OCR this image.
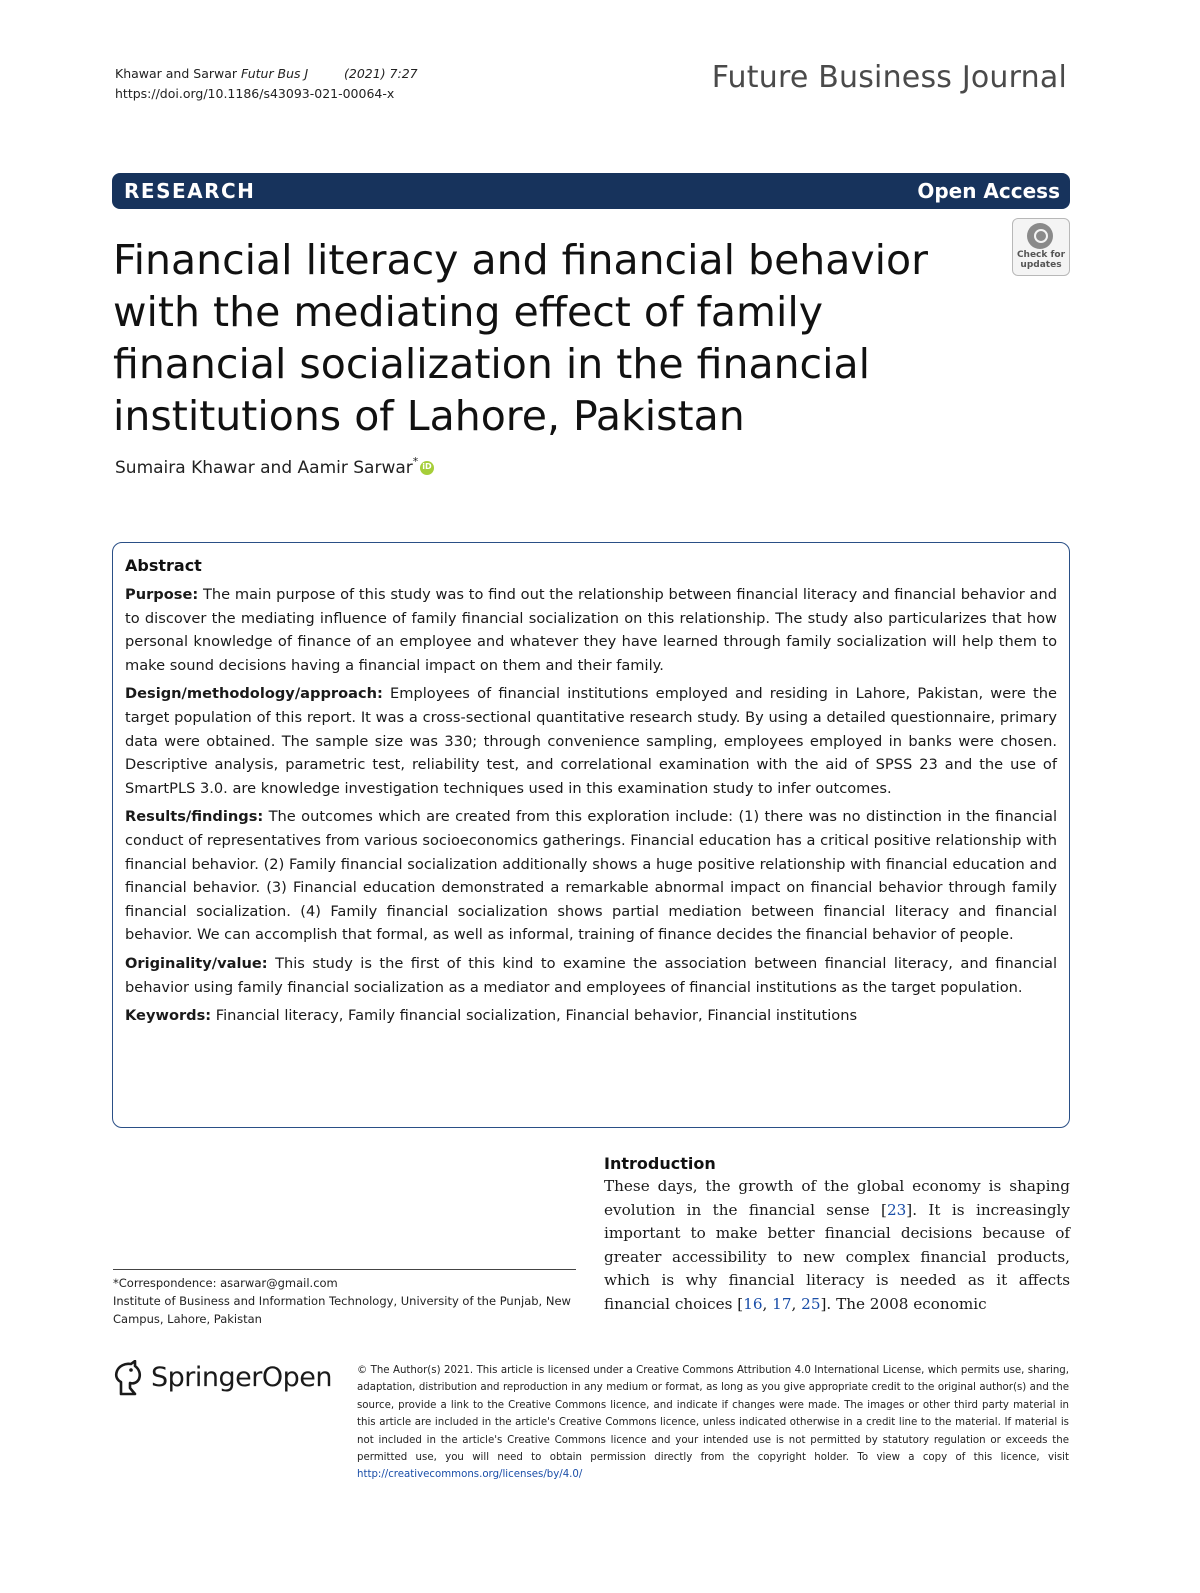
Khawar and Sarwar Futur Bus J	(2021) 7:27
https://doi.org/10.1186/s43093-021-00064-x	Future Business Journal
RESEARCH	Open Access
Financial literacy and financial behavior with the mediating effect of family financial socialization in the financial institutions of Lahore, Pakistan
Check for updates
Sumaira Khawar and Aamir Sarwar*iD
Abstract

Purpose: The main purpose of this study was to find out the relationship between financial literacy and financial behavior and to discover the mediating influence of family financial socialization on this relationship. The study also particularizes that how personal knowledge of finance of an employee and whatever they have learned through family socialization will help them to make sound decisions having a financial impact on them and their family.

Design/methodology/approach: Employees of financial institutions employed and residing in Lahore, Pakistan, were the target population of this report. It was a cross-sectional quantitative research study. By using a detailed questionnaire, primary data were obtained. The sample size was 330; through convenience sampling, employees employed in banks were chosen. Descriptive analysis, parametric test, reliability test, and correlational examination with the aid of SPSS 23 and the use of SmartPLS 3.0. are knowledge investigation techniques used in this examination study to infer outcomes.

Results/findings: The outcomes which are created from this exploration include: (1) there was no distinction in the financial conduct of representatives from various socioeconomics gatherings. Financial education has a critical positive relationship with financial behavior. (2) Family financial socialization additionally shows a huge positive relationship with financial education and financial behavior. (3) Financial education demonstrated a remarkable abnormal impact on financial behavior through family financial socialization. (4) Family financial socialization shows partial mediation between financial literacy and financial behavior. We can accomplish that formal, as well as informal, training of finance decides the financial behavior of people.

Originality/value: This study is the first of this kind to examine the association between financial literacy, and financial behavior using family financial socialization as a mediator and employees of financial institutions as the target population.

Keywords: Financial literacy, Family financial socialization, Financial behavior, Financial institutions

Introduction

These days, the growth of the global economy is shaping evolution in the financial sense [23]. It is increasingly important to make better financial decisions because of greater accessibility to new complex financial products, which is why financial literacy is needed as it affects financial choices [16, 17, 25]. The 2008 economic

*Correspondence: asarwar@gmail.com
Institute of Business and Information Technology, University of the Punjab, New Campus, Lahore, Pakistan
SpringerOpen © The Author(s) 2021. This article is licensed under a Creative Commons Attribution 4.0 International License, which permits use, sharing, adaptation, distribution and reproduction in any medium or format, as long as you give appropriate credit to the original author(s) and the source, provide a link to the Creative Commons licence, and indicate if changes were made. The images or other third party material in this article are included in the article's Creative Commons licence, unless indicated otherwise in a credit line to the material. If material is not included in the article's Creative Commons licence and your intended use is not permitted by statutory regulation or exceeds the permitted use, you will need to obtain permission directly from the copyright holder. To view a copy of this licence, visit http://creativecommons.org/licenses/by/4.0/
